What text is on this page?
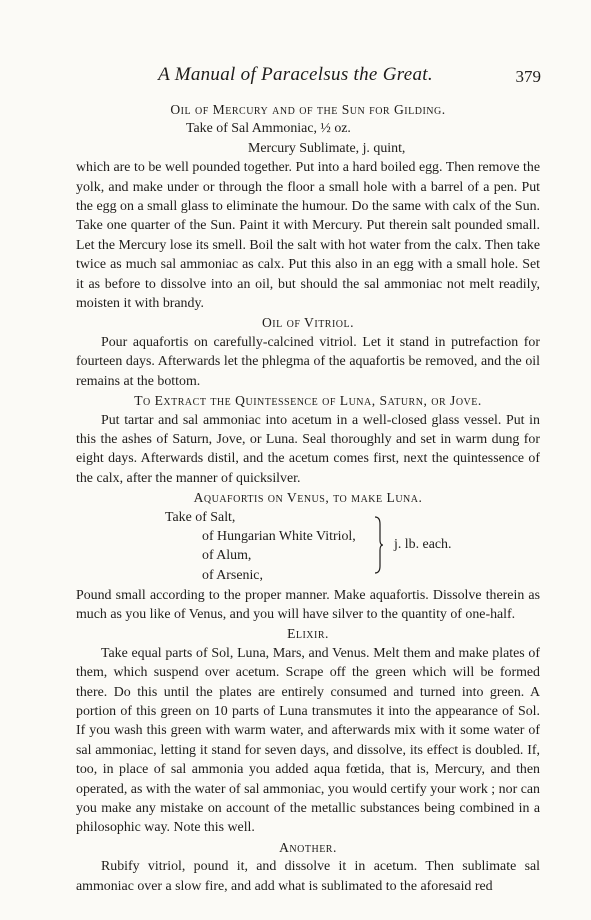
A Manual of Paracelsus the Great.	379
Oil of Mercury and of the Sun for Gilding.
Take of Sal Ammoniac, ½ oz.
Mercury Sublimate, j. quint,

which are to be well pounded together. Put into a hard boiled egg. Then remove the yolk, and make under or through the floor a small hole with a barrel of a pen. Put the egg on a small glass to eliminate the humour. Do the same with calx of the Sun. Take one quarter of the Sun. Paint it with Mercury. Put therein salt pounded small. Let the Mercury lose its smell. Boil the salt with hot water from the calx. Then take twice as much sal ammoniac as calx. Put this also in an egg with a small hole. Set it as before to dissolve into an oil, but should the sal ammoniac not melt readily, moisten it with brandy.

Oil of Vitriol.

Pour aquafortis on carefully-calcined vitriol. Let it stand in putrefaction for fourteen days. Afterwards let the phlegma of the aquafortis be removed, and the oil remains at the bottom.

To Extract the Quintessence of Luna, Saturn, or Jove.

Put tartar and sal ammoniac into acetum in a well-closed glass vessel. Put in this the ashes of Saturn, Jove, or Luna. Seal thoroughly and set in warm dung for eight days. Afterwards distil, and the acetum comes first, next the quintessence of the calx, after the manner of quicksilver.

Aquafortis on Venus, to make Luna.
Take of Salt,
of Hungarian White Vitriol,
of Alum,
of Arsenic,
j. lb. each.

Pound small according to the proper manner. Make aquafortis. Dissolve therein as much as you like of Venus, and you will have silver to the quantity of one-half.

Elixir.

Take equal parts of Sol, Luna, Mars, and Venus. Melt them and make plates of them, which suspend over acetum. Scrape off the green which will be formed there. Do this until the plates are entirely consumed and turned into green. A portion of this green on 10 parts of Luna transmutes it into the appearance of Sol. If you wash this green with warm water, and afterwards mix with it some water of sal ammoniac, letting it stand for seven days, and dissolve, its effect is doubled. If, too, in place of sal ammonia you added aqua fœtida, that is, Mercury, and then operated, as with the water of sal ammoniac, you would certify your work ; nor can you make any mistake on account of the metallic substances being combined in a philosophic way. Note this well.

Another.

Rubify vitriol, pound it, and dissolve it in acetum. Then sublimate sal ammoniac over a slow fire, and add what is sublimated to the aforesaid red
